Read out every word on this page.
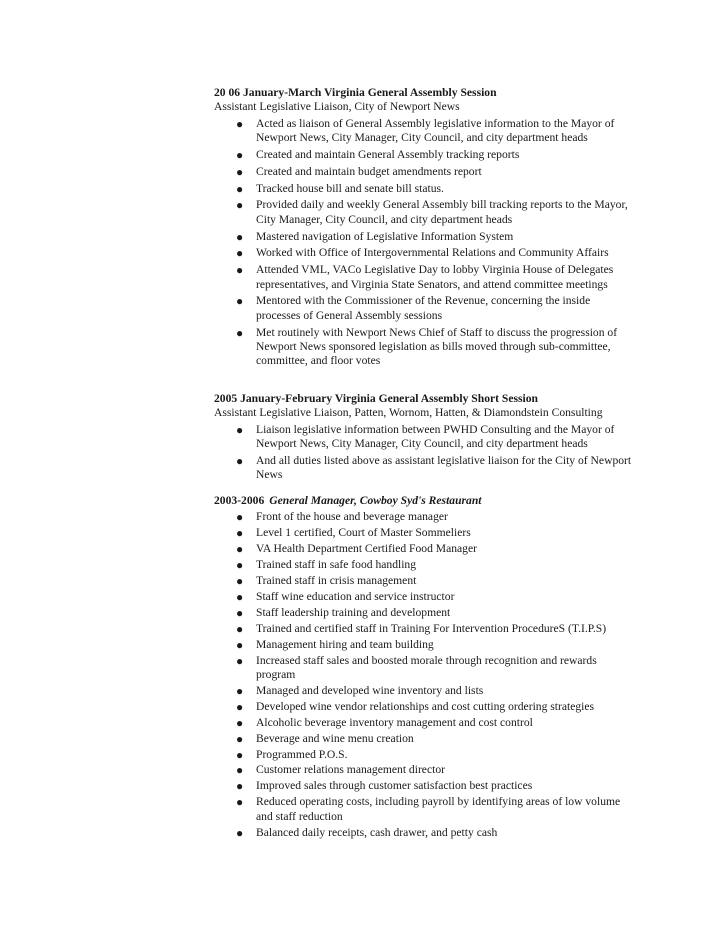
20 06 January-March Virginia General Assembly Session
Assistant Legislative Liaison, City of Newport News
● Acted as liaison of General Assembly legislative information to the Mayor of Newport News, City Manager, City Council, and city department heads
● Created and maintain General Assembly tracking reports
● Created and maintain budget amendments report
● Tracked house bill and senate bill status.
● Provided daily and weekly General Assembly bill tracking reports to the Mayor, City Manager, City Council, and city department heads
● Mastered navigation of Legislative Information System
● Worked with Office of Intergovernmental Relations and Community Affairs
● Attended VML, VACo Legislative Day to lobby Virginia House of Delegates representatives, and Virginia State Senators, and attend committee meetings
● Mentored with the Commissioner of the Revenue, concerning the inside processes of General Assembly sessions
● Met routinely with Newport News Chief of Staff to discuss the progression of Newport News sponsored legislation as bills moved through sub-committee, committee, and floor votes
2005 January-February Virginia General Assembly Short Session
Assistant Legislative Liaison, Patten, Wornom, Hatten, & Diamondstein Consulting
● Liaison legislative information between PWHD Consulting and the Mayor of Newport News, City Manager, City Council, and city department heads
● And all duties listed above as assistant legislative liaison for the City of Newport News
2003-2006 General Manager, Cowboy Syd's Restaurant
● Front of the house and beverage manager
● Level 1 certified, Court of Master Sommeliers
● VA Health Department Certified Food Manager
● Trained staff in safe food handling
● Trained staff in crisis management
● Staff wine education and service instructor
● Staff leadership training and development
● Trained and certified staff in Training For Intervention ProcedureS (T.I.P.S)
● Management hiring and team building
● Increased staff sales and boosted morale through recognition and rewards program
● Managed and developed wine inventory and lists
● Developed wine vendor relationships and cost cutting ordering strategies
● Alcoholic beverage inventory management and cost control
● Beverage and wine menu creation
● Programmed P.O.S.
● Customer relations management director
● Improved sales through customer satisfaction best practices
● Reduced operating costs, including payroll by identifying areas of low volume and staff reduction
● Balanced daily receipts, cash drawer, and petty cash
